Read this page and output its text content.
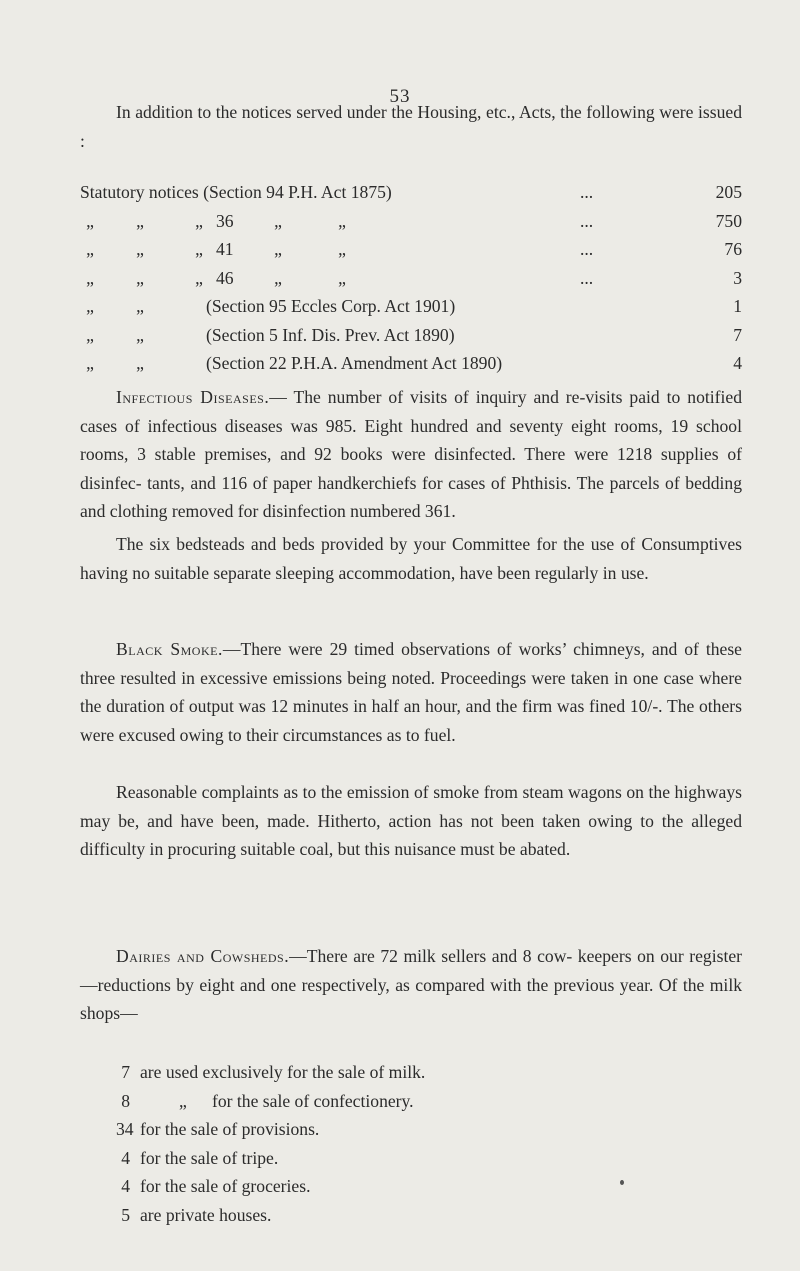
53

In addition to the notices served under the Housing, etc., Acts, the following were issued :

Statutory notices (Section 94 P.H. Act 1875)	...	205
„	„	„ 36	„	„	...	750
„	„	„ 41	„	„	...	76
„	„	„ 46	„	„	...	3
„	„	(Section 95 Eccles Corp. Act 1901)	1
„	„	(Section 5 Inf. Dis. Prev. Act 1890)	7
„	„	(Section 22 P.H.A. Amendment Act 1890)	4

Infectious Diseases.— The number of visits of inquiry and re-visits paid to notified cases of infectious diseases was 985. Eight hundred and seventy eight rooms, 19 school rooms, 3 stable premises, and 92 books were disinfected. There were 1218 supplies of disinfec- tants, and 116 of paper handkerchiefs for cases of Phthisis. The parcels of bedding and clothing removed for disinfection numbered 361.

The six bedsteads and beds provided by your Committee for the use of Consumptives having no suitable separate sleeping accommodation, have been regularly in use.

Black Smoke.—There were 29 timed observations of works’ chimneys, and of these three resulted in excessive emissions being noted. Proceedings were taken in one case where the duration of output was 12 minutes in half an hour, and the firm was fined 10/-. The others were excused owing to their circumstances as to fuel.

Reasonable complaints as to the emission of smoke from steam wagons on the highways may be, and have been, made. Hitherto, action has not been taken owing to the alleged difficulty in procuring suitable coal, but this nuisance must be abated.

Dairies and Cowsheds.—There are 72 milk sellers and 8 cow- keepers on our register—reductions by eight and one respectively, as compared with the previous year. Of the milk shops—

7 are used exclusively for the sale of milk.
8	„ for the sale of confectionery.
34 for the sale of provisions.
4 for the sale of tripe.
4 for the sale of groceries.
5 are private houses.
